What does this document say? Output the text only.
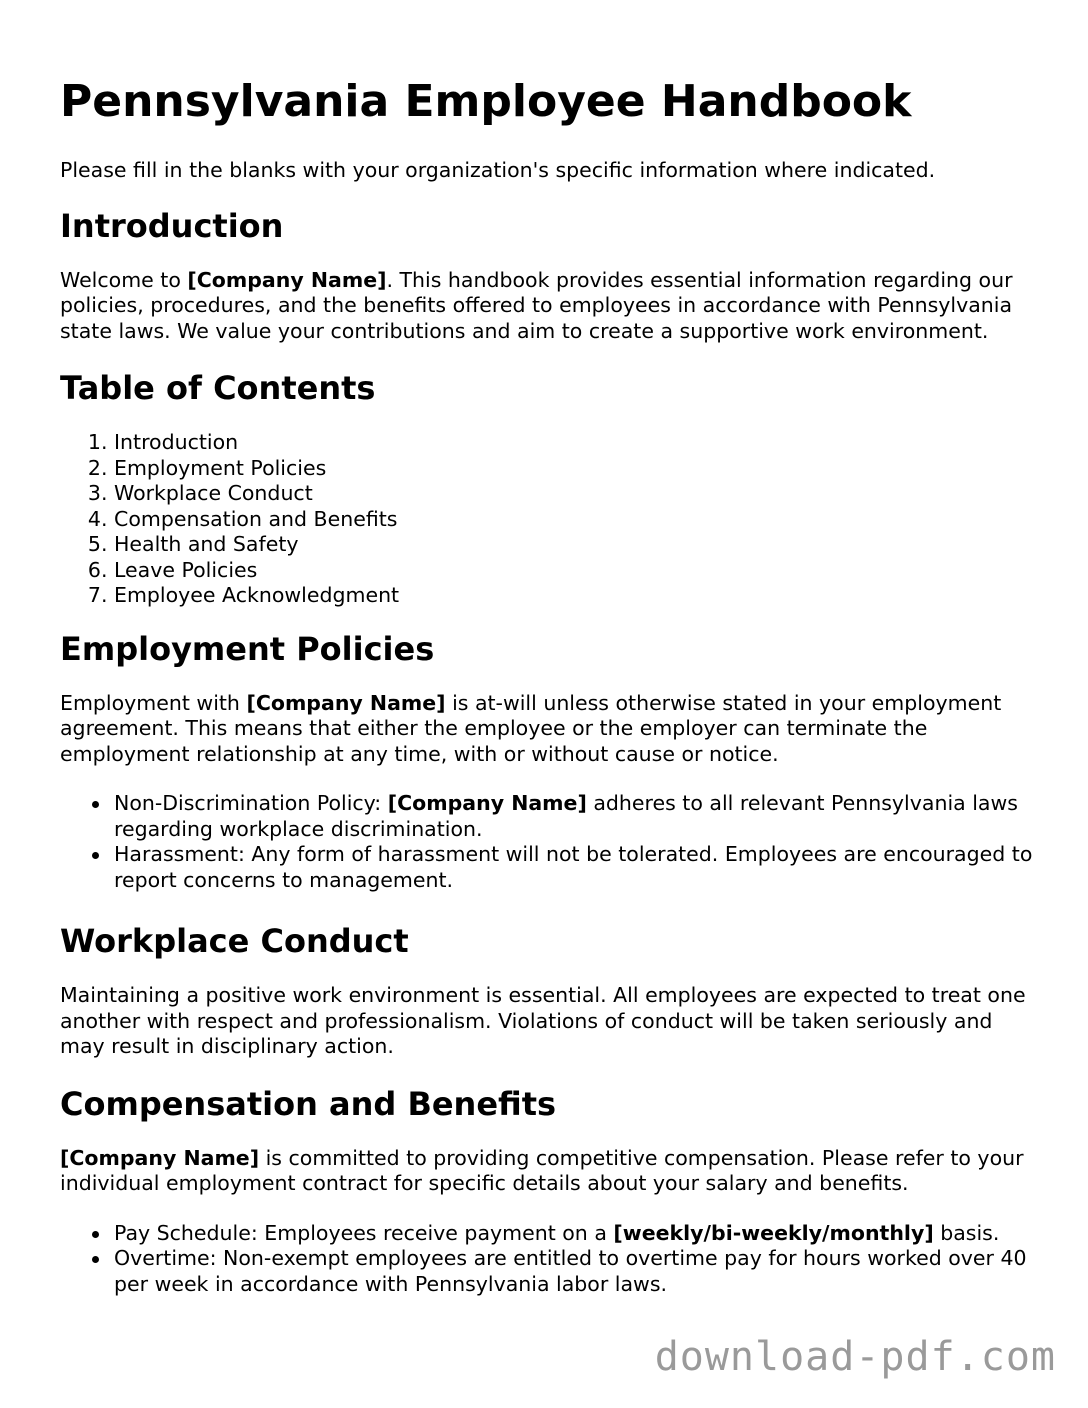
Pennsylvania Employee Handbook

Please fill in the blanks with your organization's specific information where indicated.

Introduction

Welcome to [Company Name]. This handbook provides essential information regarding our policies, procedures, and the benefits offered to employees in accordance with Pennsylvania state laws. We value your contributions and aim to create a supportive work environment.

Table of Contents
1. Introduction
2. Employment Policies
3. Workplace Conduct
4. Compensation and Benefits
5. Health and Safety
6. Leave Policies
7. Employee Acknowledgment
Employment Policies

Employment with [Company Name] is at-will unless otherwise stated in your employment agreement. This means that either the employee or the employer can terminate the employment relationship at any time, with or without cause or notice.

Non-Discrimination Policy: [Company Name] adheres to all relevant Pennsylvania laws regarding workplace discrimination.
Harassment: Any form of harassment will not be tolerated. Employees are encouraged to report concerns to management.
Workplace Conduct

Maintaining a positive work environment is essential. All employees are expected to treat one another with respect and professionalism. Violations of conduct will be taken seriously and may result in disciplinary action.

Compensation and Benefits

[Company Name] is committed to providing competitive compensation. Please refer to your individual employment contract for specific details about your salary and benefits.

Pay Schedule: Employees receive payment on a [weekly/bi-weekly/monthly] basis.
Overtime: Non-exempt employees are entitled to overtime pay for hours worked over 40 per week in accordance with Pennsylvania labor laws.
download-pdf.com
